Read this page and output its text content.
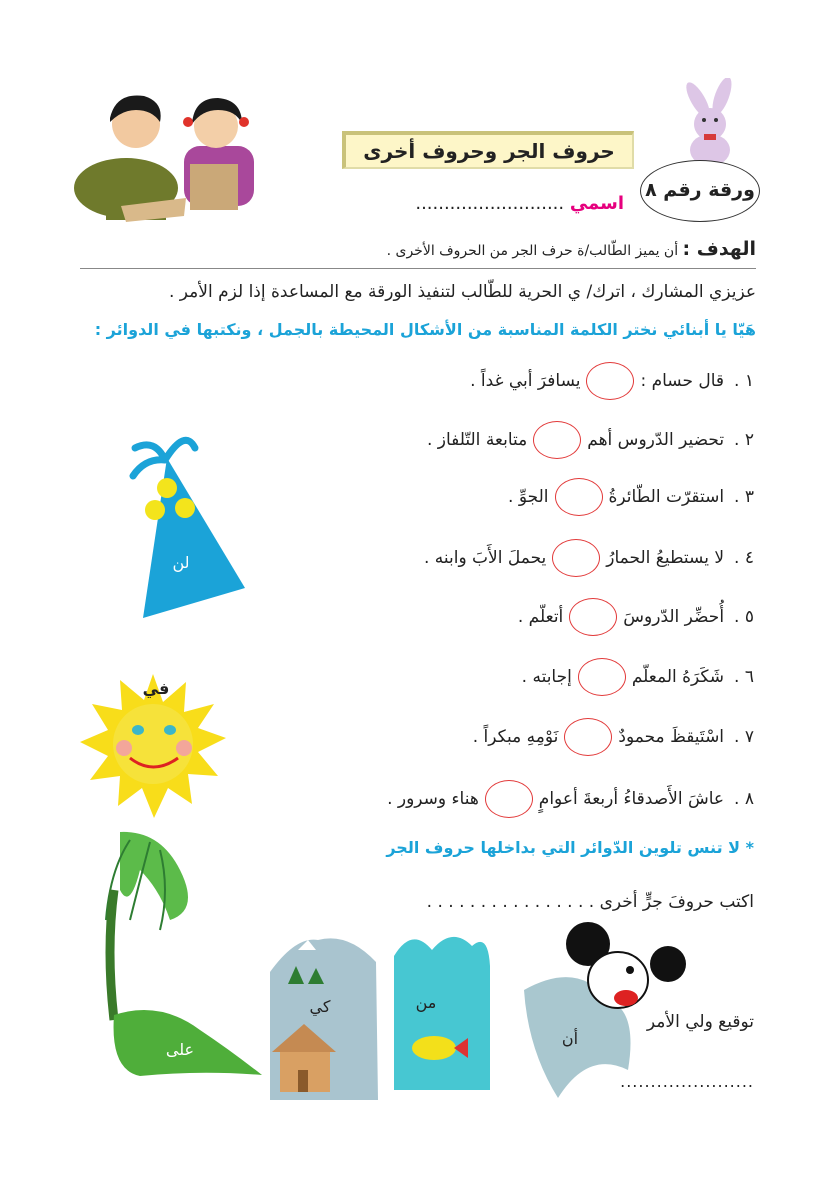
حروف الجر وحروف أخرى
ورقة رقم ٨
اسمي ..........................
الهدف : أن يميز الطّالب/ة حرف الجر من الحروف الأخرى .
عزيزي المشارك ، اترك/ ي الحرية للطّالب لتنفيذ الورقة مع المساعدة إذا لزم الأمر .
هَيّا يا أبنائي نختر الكلمة المناسبة من الأشكال المحيطة بالجمل ، ونكتبها في الدوائر :
١ .
قال حسام :
يسافرَ أبي غداً .
٢ .
تحضير الدّروس أهم
متابعة التّلفاز .
٣ .
استقرّت الطّائرةُ
الجوِّ .
٤ .
لا يستطيعُ الحمارُ
يحملَ الأَبَ وابنه .
٥ .
أُحضِّر الدّروسَ
أتعلّم .
٦ .
شَكَرَهُ المعلّم
إجابته .
٧ .
اسْتَيقظَ محمودٌ
نَوْمِهِ مبكراً .
٨ .
عاشَ الأَصدقاءُ أربعةَ أعوامٍ
هناء وسرور .
لن
في
* لا تنس تلوين الدّوائر التي بداخلها حروف الجر
اكتب حروفَ جرٍّ أخرى . . . . . . . . . . . . . . . .
على
كي	من
أن
توقيع ولي الأمر
......................
